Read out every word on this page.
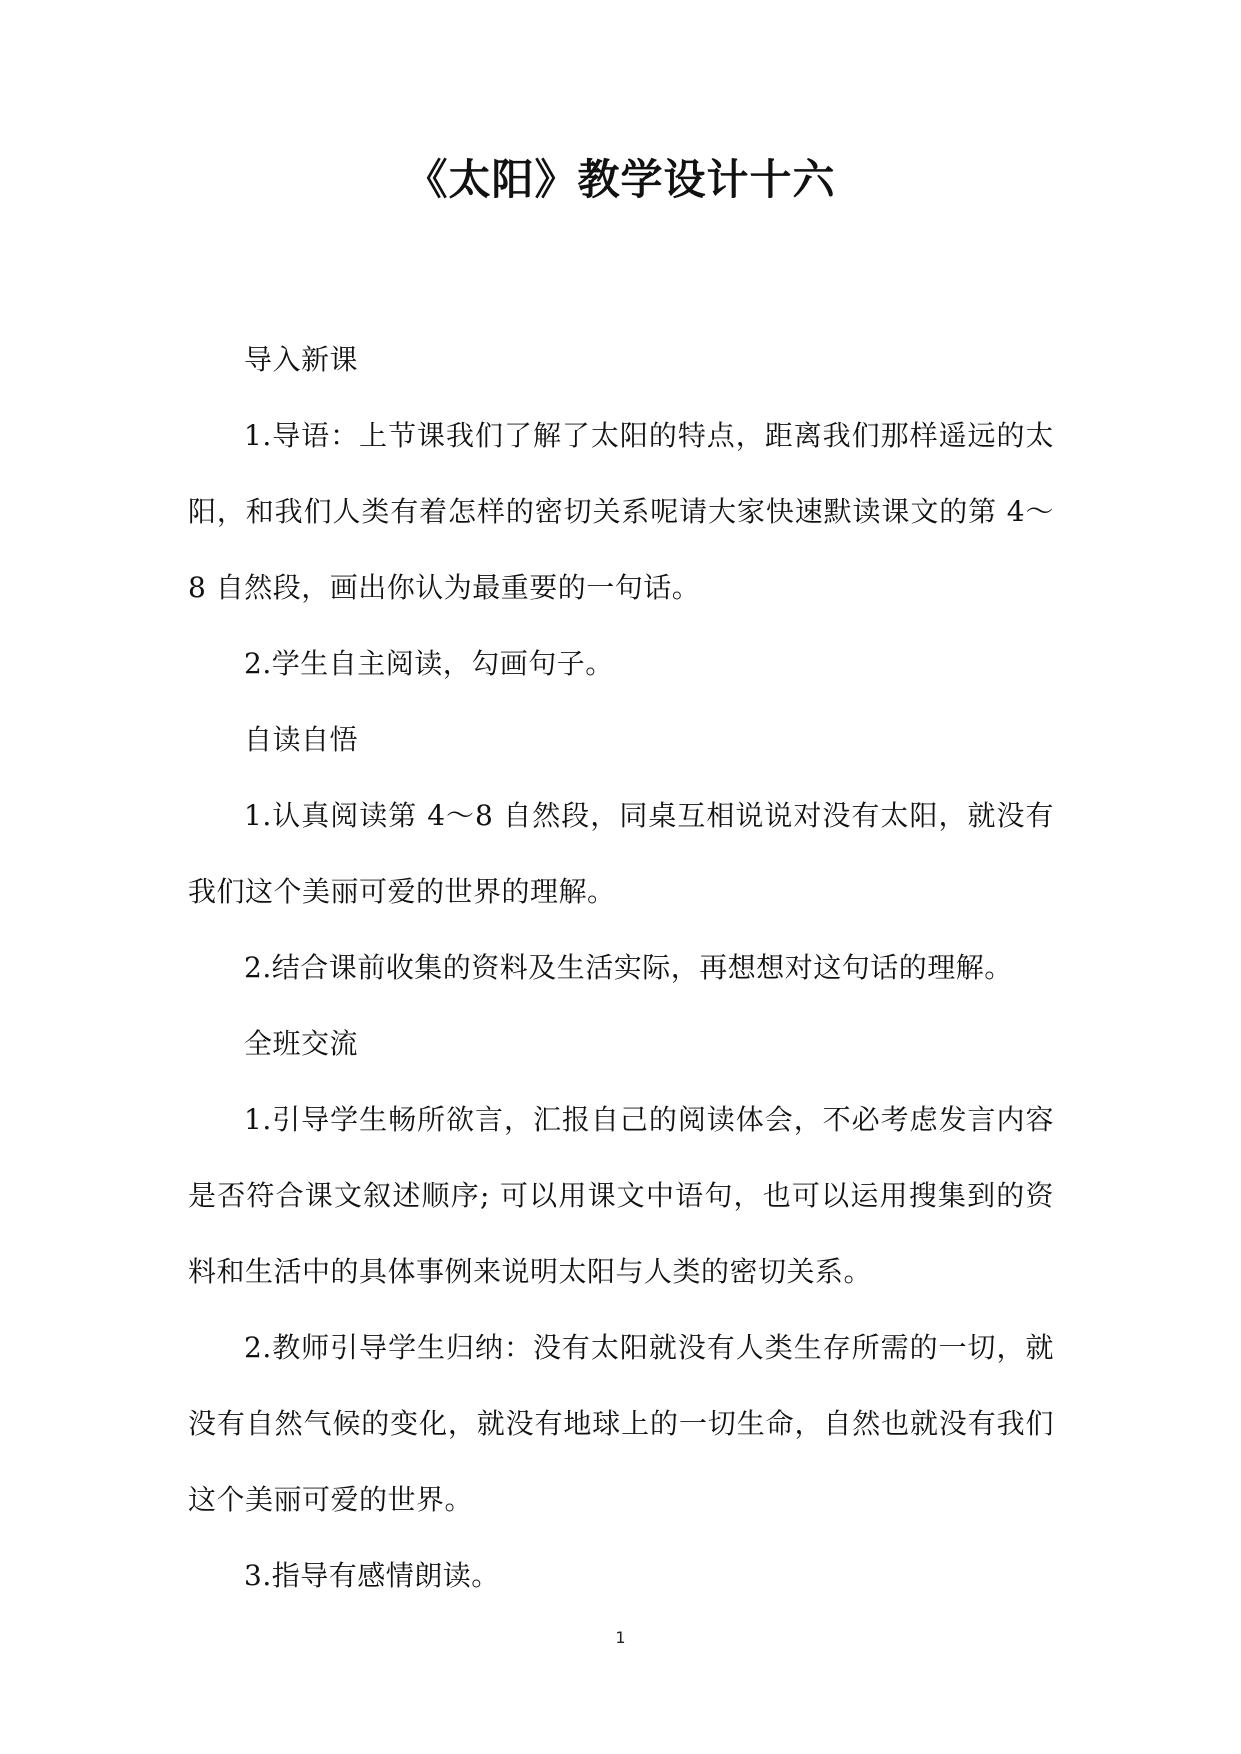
《太阳》教学设计十六

导入新课

1.导语：上节课我们了解了太阳的特点，距离我们那样遥远的太阳，和我们人类有着怎样的密切关系呢请大家快速默读课文的第 4～8 自然段，画出你认为最重要的一句话。

2.学生自主阅读，勾画句子。

自读自悟

1.认真阅读第 4～8 自然段，同桌互相说说对没有太阳，就没有我们这个美丽可爱的世界的理解。

2.结合课前收集的资料及生活实际，再想想对这句话的理解。

全班交流

1.引导学生畅所欲言，汇报自己的阅读体会，不必考虑发言内容是否符合课文叙述顺序; 可以用课文中语句，也可以运用搜集到的资料和生活中的具体事例来说明太阳与人类的密切关系。

2.教师引导学生归纳：没有太阳就没有人类生存所需的一切，就没有自然气候的变化，就没有地球上的一切生命，自然也就没有我们这个美丽可爱的世界。

3.指导有感情朗读。

1
